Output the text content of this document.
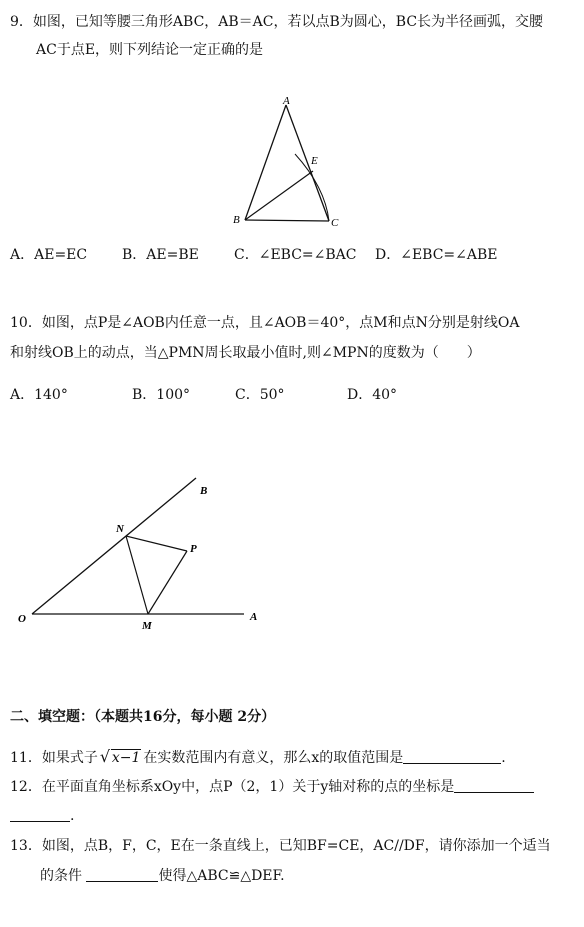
9．如图，已知等腰三角形ABC，AB＝AC，若以点B为圆心，BC长为半径画弧，交腰
AC于点E，则下列结论一定正确的是
A
E
B	C
A．AE=EC B．AE=BE	C．∠EBC=∠BAC D．∠EBC=∠ABE
10．如图，点P是∠AOB内任意一点，且∠AOB＝40°，点M和点N分别是射线OA
和射线OB上的动点，当△PMN周长取最小值时,则∠MPN的度数为（　　）
A．140°	B．100°	C．50°	D．40°
B
N
P
O
M
A
二、填空题：（本题共16分，每小题 2分）
11．如果式子 √ x−1 在实数范围内有意义，那么x的取值范围是	.
12．在平面直角坐标系xOy中，点P（2，1）关于y轴对称的点的坐标是
.
13．如图，点B，F，C，E在一条直线上，已知BF=CE，AC//DF，请你添加一个适当
的条件	使得△ABC≌△DEF.
